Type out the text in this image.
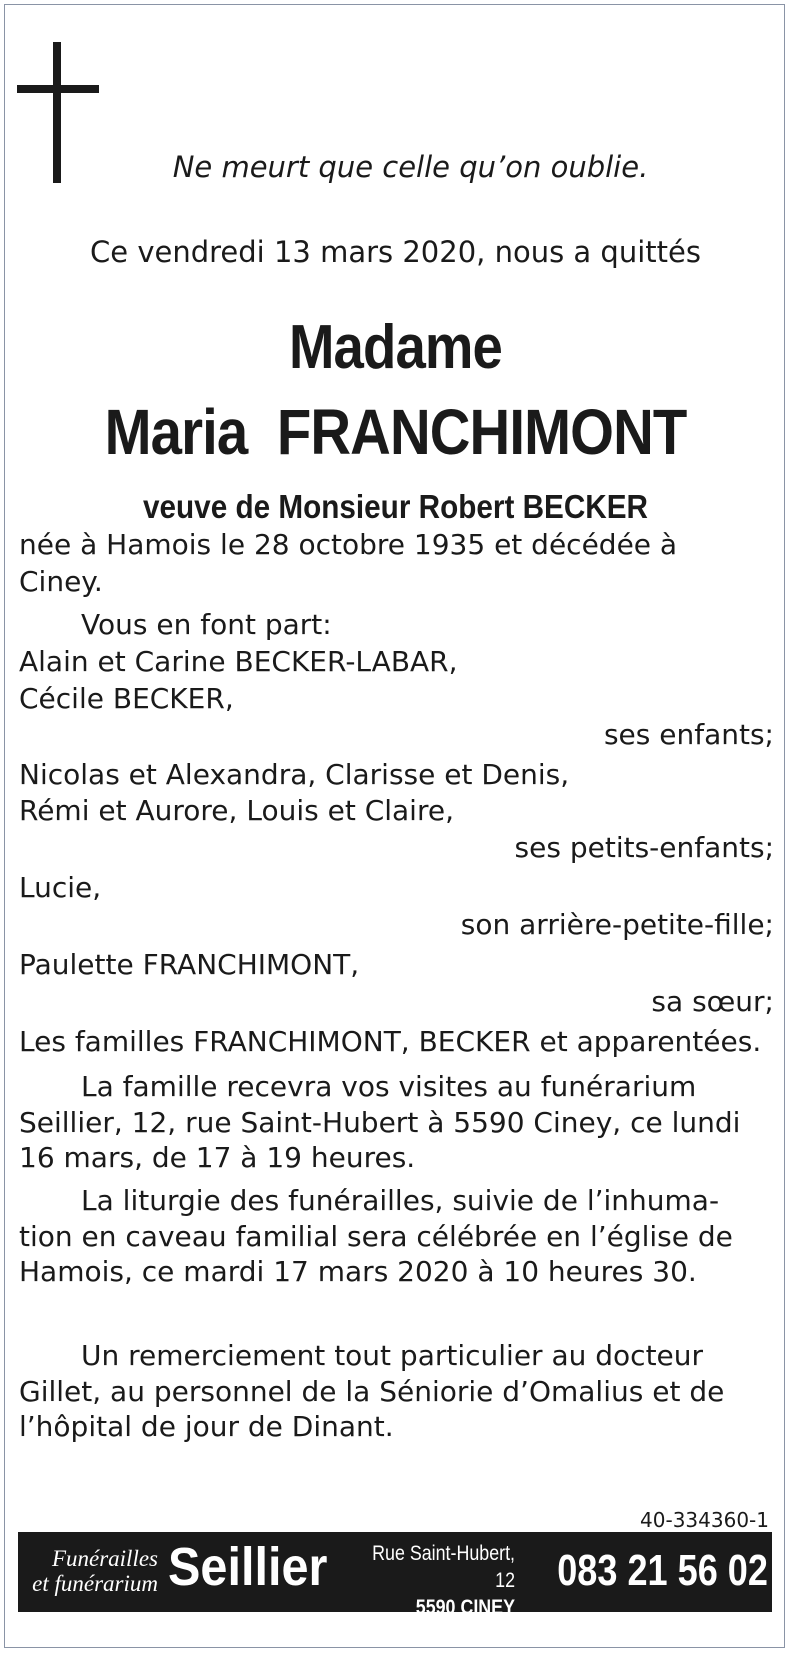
Ne meurt que celle qu’on oublie.
Ce vendredi 13 mars 2020, nous a quittés
Madame
Maria  FRANCHIMONT
veuve de Monsieur Robert BECKER
née à Hamois le 28 octobre 1935 et décédée à
Ciney.
Vous en font part:
Alain et Carine BECKER-LABAR,
Cécile BECKER,
ses enfants;
Nicolas et Alexandra, Clarisse et Denis,
Rémi et Aurore, Louis et Claire,
ses petits-enfants;
Lucie,
son arrière-petite-fille;
Paulette FRANCHIMONT,
sa sœur;
Les familles FRANCHIMONT, BECKER et apparentées.
La famille recevra vos visites au funérarium
Seillier, 12, rue Saint-Hubert à 5590 Ciney, ce lundi
16 mars, de 17 à 19 heures.
La liturgie des funérailles, suivie de l’inhuma-
tion en caveau familial sera célébrée en l’église de
Hamois, ce mardi 17 mars 2020 à 10 heures 30.
Un remerciement tout particulier au docteur
Gillet, au personnel de la Séniorie d’Omalius et de
l’hôpital de jour de Dinant.
40-334360-1
Funérailles
et funérarium Seillier Rue Saint-Hubert, 12
5590 CINEY
083 21 56 02
